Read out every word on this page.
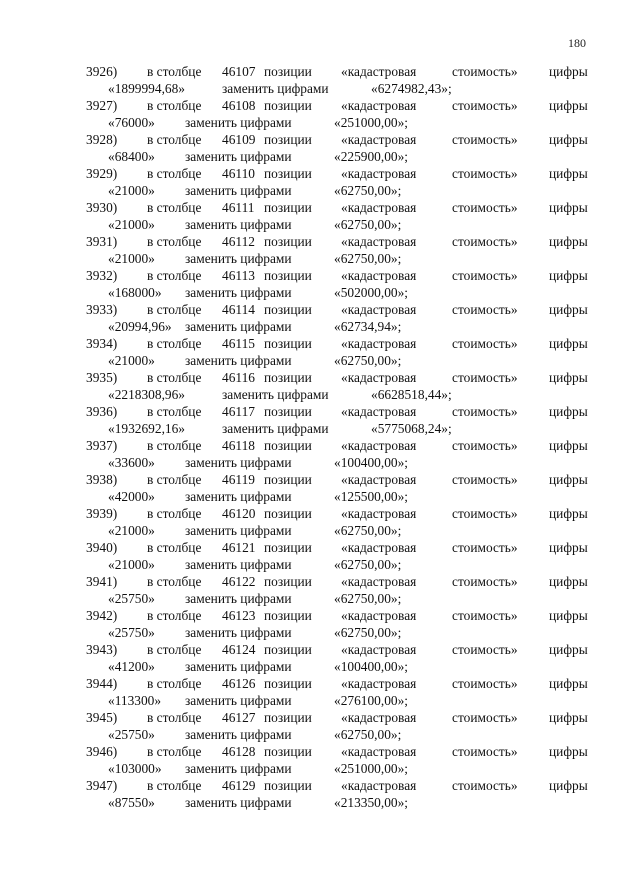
180
3926) в столбце 46107 позиции «кадастровая	стоимость» цифры
«1899994,68»	заменить цифрами	«6274982,43»;
3927) в столбце 46108 позиции «кадастровая	стоимость» цифры
«76000» заменить цифрами	«251000,00»;
3928) в столбце 46109 позиции «кадастровая	стоимость» цифры
«68400» заменить цифрами	«225900,00»;
3929) в столбце 46110 позиции «кадастровая	стоимость» цифры
«21000» заменить цифрами	«62750,00»;
3930) в столбце 46111 позиции «кадастровая	стоимость» цифры
«21000» заменить цифрами	«62750,00»;
3931) в столбце 46112 позиции «кадастровая	стоимость» цифры
«21000» заменить цифрами	«62750,00»;
3932) в столбце 46113 позиции «кадастровая	стоимость» цифры
«168000» заменить цифрами	«502000,00»;
3933) в столбце 46114 позиции «кадастровая	стоимость» цифры
«20994,96» заменить цифрами	«62734,94»;
3934) в столбце 46115 позиции «кадастровая	стоимость» цифры
«21000» заменить цифрами	«62750,00»;
3935) в столбце 46116 позиции «кадастровая	стоимость» цифры
«2218308,96»	заменить цифрами	«6628518,44»;
3936) в столбце 46117 позиции «кадастровая	стоимость» цифры
«1932692,16»	заменить цифрами	«5775068,24»;
3937) в столбце 46118 позиции «кадастровая	стоимость» цифры
«33600» заменить цифрами	«100400,00»;
3938) в столбце 46119 позиции «кадастровая	стоимость» цифры
«42000» заменить цифрами	«125500,00»;
3939) в столбце 46120 позиции «кадастровая	стоимость» цифры
«21000» заменить цифрами	«62750,00»;
3940) в столбце 46121 позиции «кадастровая	стоимость» цифры
«21000» заменить цифрами	«62750,00»;
3941) в столбце 46122 позиции «кадастровая	стоимость» цифры
«25750» заменить цифрами	«62750,00»;
3942) в столбце 46123 позиции «кадастровая	стоимость» цифры
«25750» заменить цифрами	«62750,00»;
3943) в столбце 46124 позиции «кадастровая	стоимость» цифры
«41200» заменить цифрами	«100400,00»;
3944) в столбце 46126 позиции «кадастровая	стоимость» цифры
«113300» заменить цифрами	«276100,00»;
3945) в столбце 46127 позиции «кадастровая	стоимость» цифры
«25750» заменить цифрами	«62750,00»;
3946) в столбце 46128 позиции «кадастровая	стоимость» цифры
«103000» заменить цифрами	«251000,00»;
3947) в столбце 46129 позиции «кадастровая	стоимость» цифры
«87550» заменить цифрами	«213350,00»;
